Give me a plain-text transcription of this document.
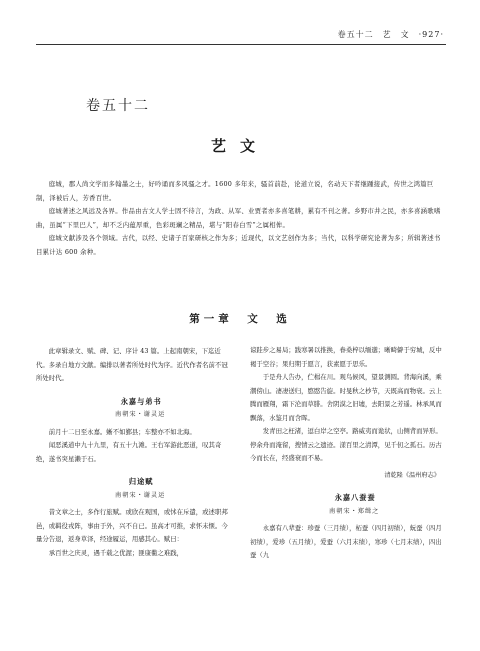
卷五十二　艺　文　·927·
卷五十二
艺文

庭城，郡人尚文学而多翰墨之士，好吟诵而多风骚之才。1600 多年来，骚首前赴，论道立说，名动天下者继踵接武，传世之鸿篇巨制，泽被后人，芳香百世。

庭城著述之风远及各界。作品由古文人学士固不待言，为政、从军、业贾者亦多喜笔耕，累有不刊之著。乡野市井之民，亦多喜涵歌嗜曲，虽属“下里巴人”，却不乏内蕴厚重，色彩斑斓之精品，堪与“阳春白雪”之属相侔。

庭城文献涉及各个领域。古代，以经、史诸子百家研核之作为多；近现代，以文艺创作为多；当代，以科学研究论著为多；所辑著述书目累计达 600 余种。

第一章　文　选

此章辑录文、赋、碑、记、序计 43 篇。上起南朝宋，下迄近代。多录自地方文献。编排以著者所处时代为序。近代作者名前不冠所处时代。

永嘉与弟书

南朝宋・谢灵运

前月十二日至永嘉。蜥不如鄞县；车整亦不如北海。

闻恶溪道中九十九里，有五十九滩。王右军游此恶道，叹其奇绝，遂书突星濑于石。

归途赋

南朝宋・谢灵运

昔文章之士，多作行旅赋。或欣在观国，或怵在斥遣，或述职邦邑，或羁役戎阵，事由于外，兴不自已。虽高才可推，求怀未惬。今量分告退，返身草泽，经途履运，用感其心。赋曰：

承百世之庆灵，遇千载之优渥；匪康衢之难践，

谅跬步之易局；践寒暑以推换，眷桑梓以缅邈；晰畸僻于穷城，反中褐于空谷；果归期于愿言，获素愿于思乐。

于是舟人告办，伫楫在川。观鸟候风，望景测圆。背海向溪，乘潮傍山。凄凄送归，愍愍告旋。时旻秋之杪节，天既高而物衰。云上腾而雁翔，霜下沦而草腓。舍阴漠之旧墟，去阳景之芳遥。林承风而飘落，水鉴月而含晖。

发青田之枉渚，逗白岸之空亭。路威夷而诡状，山侧背而异形。停余舟而淹留，搜情云之遗迹。漾百里之清潭，见千仞之孤石。历古今而长在，经盛衰而不易。

清乾隆《温州府志》

永嘉八蚕蚕

南朝宋・郑缉之

永嘉有八辈蚕：珍蚕（三月绩），柘蚕（四月初绩），蚖蚕（四月初绩），爱珍（五月绩），爱蚕（六月末绩），寒珍（七月末绩），四出蚕（九
